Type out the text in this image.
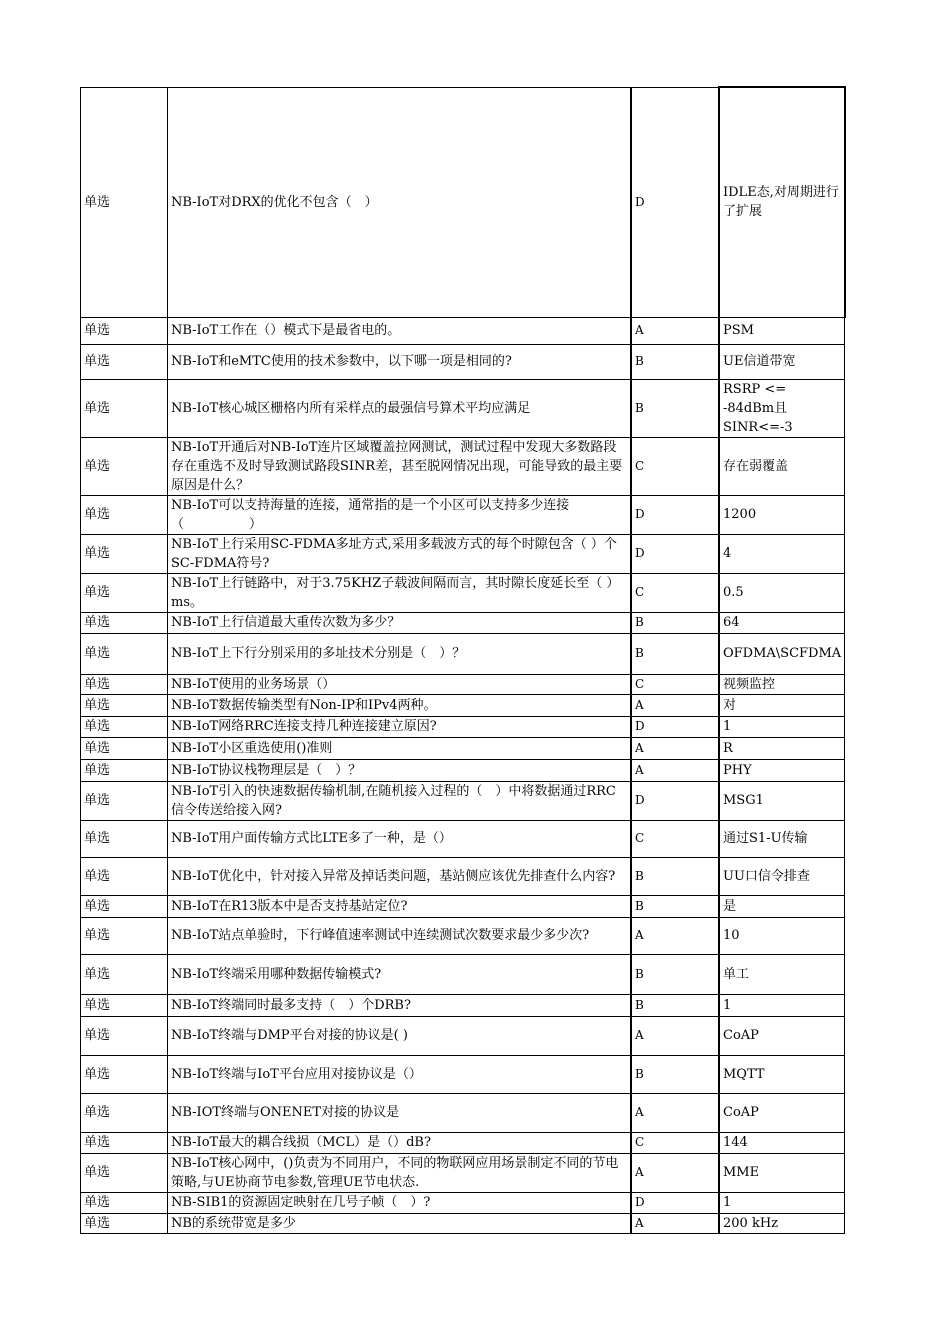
单选	NB-IoT对DRX的优化不包含（　）	D	IDLE态,对周期进行了扩展
单选	NB-IoT工作在（）模式下是最省电的。	A	PSM
单选	NB-IoT和eMTC使用的技术参数中，以下哪一项是相同的?	B	UE信道带宽
单选	NB-IoT核心城区栅格内所有采样点的最强信号算术平均应满足	B	RSRP <= -84dBm且SINR<=-3
单选	NB-IoT开通后对NB-IoT连片区域覆盖拉网测试，测试过程中发现大多数路段存在重选不及时导致测试路段SINR差，甚至脱网情况出现，可能导致的最主要原因是什么？	C	存在弱覆盖
单选	NB-IoT可以支持海量的连接，通常指的是一个小区可以支持多少连接（　　　　　）	D	1200
单选	NB-IoT上行采用SC-FDMA多址方式,采用多载波方式的每个时隙包含（ ）个SC-FDMA符号?	D	4
单选	NB-IoT上行链路中，对于3.75KHZ子载波间隔而言，其时隙长度延长至（ ）ms。	C	0.5
单选	NB-IoT上行信道最大重传次数为多少？	B	64
单选	NB-IoT上下行分别采用的多址技术分别是（　）？	B	OFDMA\SCFDMA
单选	NB-IoT使用的业务场景（）	C	视频监控
单选	NB-IoT数据传输类型有Non-IP和IPv4两种。	A	对
单选	NB-IoT网络RRC连接支持几种连接建立原因?	D	1
单选	NB-IoT小区重选使用()准则	A	R
单选	NB-IoT协议栈物理层是（　）？	A	PHY
单选	NB-IoT引入的快速数据传输机制,在随机接入过程的（　）中将数据通过RRC信令传送给接入网?	D	MSG1
单选	NB-IoT用户面传输方式比LTE多了一种，是（）	C	通过S1-U传输
单选	NB-IoT优化中，针对接入异常及掉话类问题，基站侧应该优先排查什么内容?	B	UU口信令排查
单选	NB-IoT在R13版本中是否支持基站定位?	B	是
单选	NB-IoT站点单验时，下行峰值速率测试中连续测试次数要求最少多少次?	A	10
单选	NB-IoT终端采用哪种数据传输模式?	B	单工
单选	NB-IoT终端同时最多支持（　）个DRB?	B	1
单选	NB-IoT终端与DMP平台对接的协议是( )	A	CoAP
单选	NB-IoT终端与IoT平台应用对接协议是（）	B	MQTT
单选	NB-IOT终端与ONENET对接的协议是	A	CoAP
单选	NB-IoT最大的耦合线损（MCL）是（）dB?	C	144
单选	NB-IoT核心网中，()负责为不同用户，不同的物联网应用场景制定不同的节电策略,与UE协商节电参数,管理UE节电状态.	A	MME
单选	NB-SIB1的资源固定映射在几号子帧（　）?	D	1
单选	NB的系统带宽是多少	A	200 kHz
